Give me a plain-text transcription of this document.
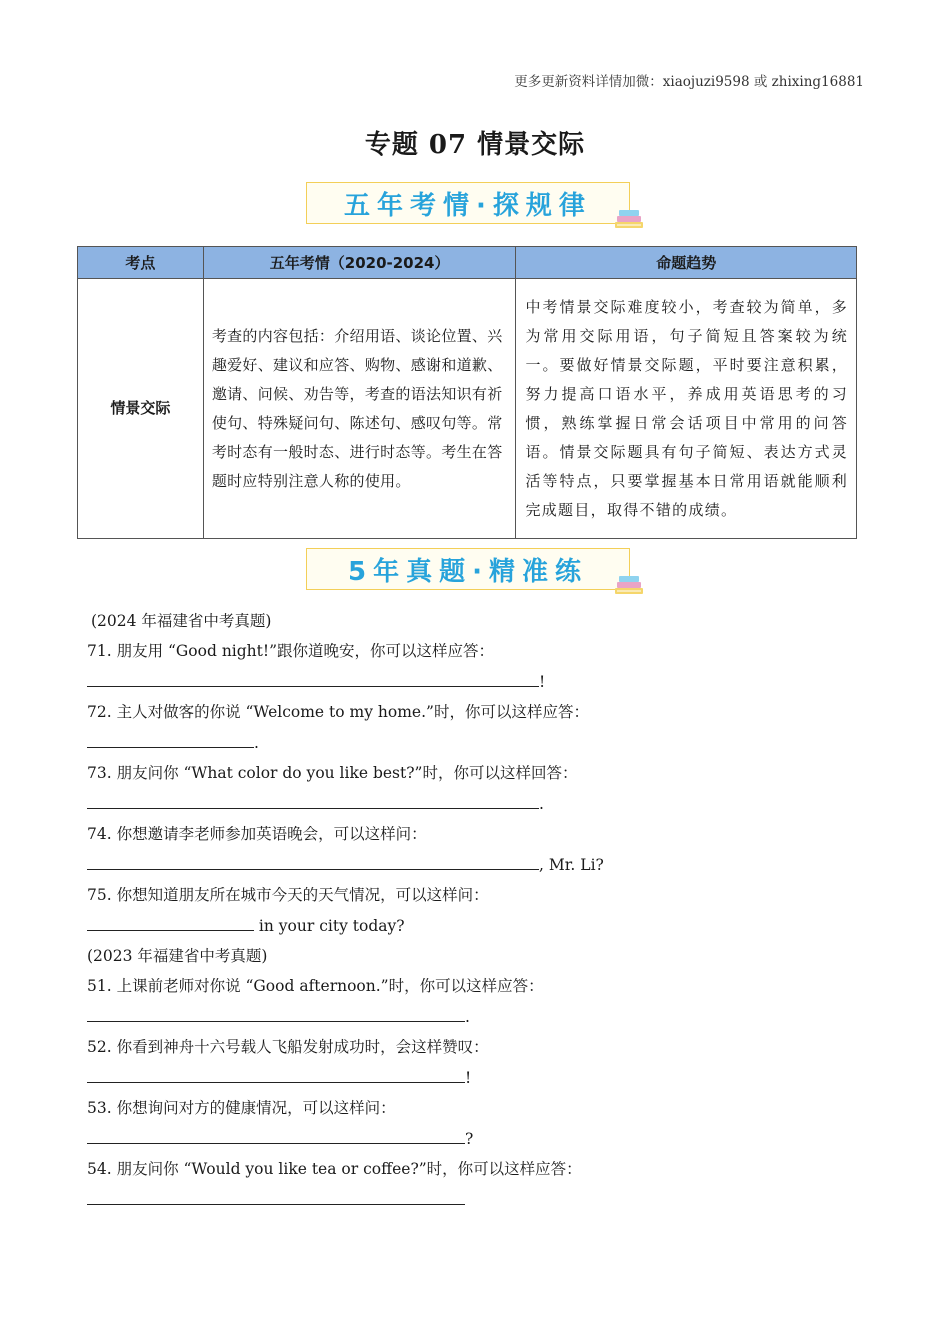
更多更新资料详情加微：xiaojuzi9598 或 zhixing16881
专题 07 情景交际
五年考情·探规律
考点	五年考情（2020-2024）	命题趋势
情景交际	考查的内容包括：介绍用语、谈论位置、兴趣爱好、建议和应答、购物、感谢和道歉、邀请、问候、劝告等，考查的语法知识有祈使句、特殊疑问句、陈述句、感叹句等。常考时态有一般时态、进行时态等。考生在答题时应特别注意人称的使用。	中考情景交际难度较小，考查较为简单，多为常用交际用语，句子简短且答案较为统一。要做好情景交际题，平时要注意积累，努力提高口语水平，养成用英语思考的习惯，熟练掌握日常会话项目中常用的问答语。情景交际题具有句子简短、表达方式灵活等特点，只要掌握基本日常用语就能顺利完成题目，取得不错的成绩。
5年真题·精准练

(2024 年福建省中考真题)

71. 朋友用 “Good night!”跟你道晚安，你可以这样应答：

!

72. 主人对做客的你说 “Welcome to my home.”时，你可以这样应答：

.

73. 朋友问你 “What color do you like best?”时，你可以这样回答：

.

74. 你想邀请李老师参加英语晚会，可以这样问：

, Mr. Li?

75. 你想知道朋友所在城市今天的天气情况，可以这样问：

in your city today?

(2023 年福建省中考真题)

51. 上课前老师对你说 “Good afternoon.”时，你可以这样应答：

.

52. 你看到神舟十六号载人飞船发射成功时，会这样赞叹：

!

53. 你想询问对方的健康情况，可以这样问：

?

54. 朋友问你 “Would you like tea or coffee?”时，你可以这样应答：
